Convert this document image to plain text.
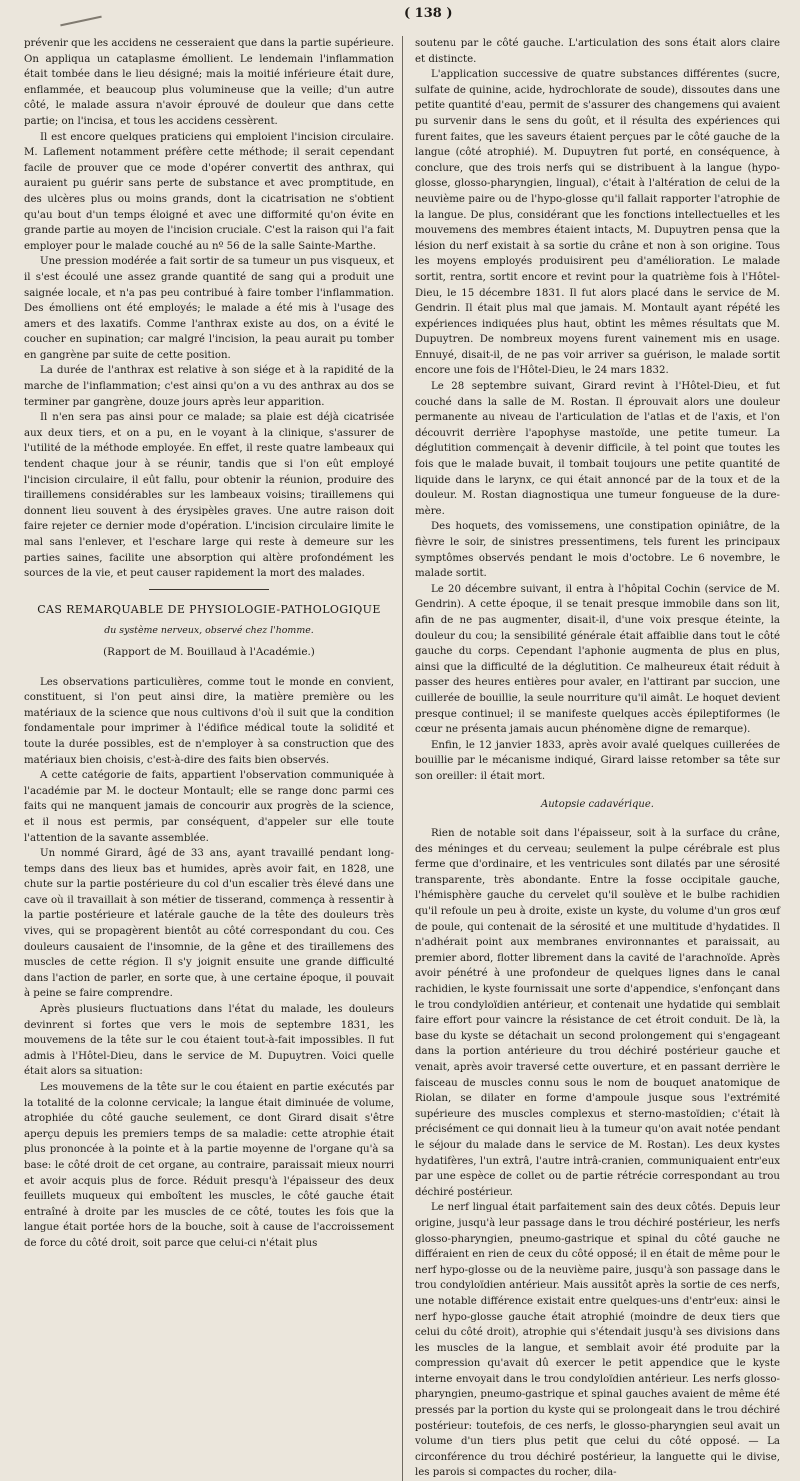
( 138 )

prévenir que les accidens ne cesseraient que dans la partie supérieure. On appliqua un cataplasme émollient. Le lendemain l'inflammation était tombée dans le lieu désigné; mais la moitié inférieure était dure, enflammée, et beaucoup plus volumineuse que la veille; d'un autre côté, le malade assura n'avoir éprouvé de douleur que dans cette partie; on l'incisa, et tous les accidens cessèrent.

Il est encore quelques praticiens qui emploient l'incision circulaire. M. Laflement notamment préfère cette méthode; il serait cependant facile de prouver que ce mode d'opérer convertit des anthrax, qui auraient pu guérir sans perte de substance et avec promptitude, en des ulcères plus ou moins grands, dont la cicatrisation ne s'obtient qu'au bout d'un temps éloigné et avec une difformité qu'on évite en grande partie au moyen de l'incision cruciale. C'est la raison qui l'a fait employer pour le malade couché au nº 56 de la salle Sainte-Marthe.

Une pression modérée a fait sortir de sa tumeur un pus visqueux, et il s'est écoulé une assez grande quantité de sang qui a produit une saignée locale, et n'a pas peu contribué à faire tomber l'inflammation. Des émolliens ont été employés; le malade a été mis à l'usage des amers et des laxatifs. Comme l'anthrax existe au dos, on a évité le coucher en supination; car malgré l'incision, la peau aurait pu tomber en gangrène par suite de cette position.

La durée de l'anthrax est relative à son siége et à la rapidité de la marche de l'inflammation; c'est ainsi qu'on a vu des anthrax au dos se terminer par gangrène, douze jours après leur apparition.

Il n'en sera pas ainsi pour ce malade; sa plaie est déjà cicatrisée aux deux tiers, et on a pu, en le voyant à la clinique, s'assurer de l'utilité de la méthode employée. En effet, il reste quatre lambeaux qui tendent chaque jour à se réunir, tandis que si l'on eût employé l'incision circulaire, il eût fallu, pour obtenir la réunion, produire des tiraillemens considérables sur les lambeaux voisins; tiraillemens qui donnent lieu souvent à des érysipèles graves. Une autre raison doit faire rejeter ce dernier mode d'opération. L'incision circulaire limite le mal sans l'enlever, et l'eschare large qui reste à demeure sur les parties saines, facilite une absorption qui altère profondément les sources de la vie, et peut causer rapidement la mort des malades.

CAS REMARQUABLE DE PHYSIOLOGIE-PATHOLOGIQUE

du système nerveux, observé chez l'homme.

(Rapport de M. Bouillaud à l'Académie.)

Les observations particulières, comme tout le monde en convient, constituent, si l'on peut ainsi dire, la matière première ou les matériaux de la science que nous cultivons d'où il suit que la condition fondamentale pour imprimer à l'édifice médical toute la solidité et toute la durée possibles, est de n'employer à sa construction que des matériaux bien choisis, c'est-à-dire des faits bien observés.

A cette catégorie de faits, appartient l'observation communiquée à l'académie par M. le docteur Montault; elle se range donc parmi ces faits qui ne manquent jamais de concourir aux progrès de la science, et il nous est permis, par conséquent, d'appeler sur elle toute l'attention de la savante assemblée.

Un nommé Girard, âgé de 33 ans, ayant travaillé pendant long-temps dans des lieux bas et humides, après avoir fait, en 1828, une chute sur la partie postérieure du col d'un escalier très élevé dans une cave où il travaillait à son métier de tisserand, commença à ressentir à la partie postérieure et latérale gauche de la tête des douleurs très vives, qui se propagèrent bientôt au côté correspondant du cou. Ces douleurs causaient de l'insomnie, de la gêne et des tiraillemens des muscles de cette région. Il s'y joignit ensuite une grande difficulté dans l'action de parler, en sorte que, à une certaine époque, il pouvait à peine se faire comprendre.

Après plusieurs fluctuations dans l'état du malade, les douleurs devinrent si fortes que vers le mois de septembre 1831, les mouvemens de la tête sur le cou étaient tout-à-fait impossibles. Il fut admis à l'Hôtel-Dieu, dans le service de M. Dupuytren. Voici quelle était alors sa situation:

Les mouvemens de la tête sur le cou étaient en partie exécutés par la totalité de la colonne cervicale; la langue était diminuée de volume, atrophiée du côté gauche seulement, ce dont Girard disait s'être aperçu depuis les premiers temps de sa maladie: cette atrophie était plus prononcée à la pointe et à la partie moyenne de l'organe qu'à sa base: le côté droit de cet organe, au contraire, paraissait mieux nourri et avoir acquis plus de force. Réduit presqu'à l'épaisseur des deux feuillets muqueux qui emboîtent les muscles, le côté gauche était entraîné à droite par les muscles de ce côté, toutes les fois que la langue était portée hors de la bouche, soit à cause de l'accroissement de force du côté droit, soit parce que celui-ci n'était plus

soutenu par le côté gauche. L'articulation des sons était alors claire et distincte.

L'application successive de quatre substances différentes (sucre, sulfate de quinine, acide, hydrochlorate de soude), dissoutes dans une petite quantité d'eau, permit de s'assurer des changemens qui avaient pu survenir dans le sens du goût, et il résulta des expériences qui furent faites, que les saveurs étaient perçues par le côté gauche de la langue (côté atrophié). M. Dupuytren fut porté, en conséquence, à conclure, que des trois nerfs qui se distribuent à la langue (hypo-glosse, glosso-pharyngien, lingual), c'était à l'altération de celui de la neuvième paire ou de l'hypo-glosse qu'il fallait rapporter l'atrophie de la langue. De plus, considérant que les fonctions intellectuelles et les mouvemens des membres étaient intacts, M. Dupuytren pensa que la lésion du nerf existait à sa sortie du crâne et non à son origine. Tous les moyens employés produisirent peu d'amélioration. Le malade sortit, rentra, sortit encore et revint pour la quatrième fois à l'Hôtel-Dieu, le 15 décembre 1831. Il fut alors placé dans le service de M. Gendrin. Il était plus mal que jamais. M. Montault ayant répété les expériences indiquées plus haut, obtint les mêmes résultats que M. Dupuytren. De nombreux moyens furent vainement mis en usage. Ennuyé, disait-il, de ne pas voir arriver sa guérison, le malade sortit encore une fois de l'Hôtel-Dieu, le 24 mars 1832.

Le 28 septembre suivant, Girard revint à l'Hôtel-Dieu, et fut couché dans la salle de M. Rostan. Il éprouvait alors une douleur permanente au niveau de l'articulation de l'atlas et de l'axis, et l'on découvrit derrière l'apophyse mastoïde, une petite tumeur. La déglutition commençait à devenir difficile, à tel point que toutes les fois que le malade buvait, il tombait toujours une petite quantité de liquide dans le larynx, ce qui était annoncé par de la toux et de la douleur. M. Rostan diagnostiqua une tumeur fongueuse de la dure-mère.

Des hoquets, des vomissemens, une constipation opiniâtre, de la fièvre le soir, de sinistres pressentimens, tels furent les principaux symptômes observés pendant le mois d'octobre. Le 6 novembre, le malade sortit.

Le 20 décembre suivant, il entra à l'hôpital Cochin (service de M. Gendrin). A cette époque, il se tenait presque immobile dans son lit, afin de ne pas augmenter, disait-il, d'une voix presque éteinte, la douleur du cou; la sensibilité générale était affaiblie dans tout le côté gauche du corps. Cependant l'aphonie augmenta de plus en plus, ainsi que la difficulté de la déglutition. Ce malheureux était réduit à passer des heures entières pour avaler, en l'attirant par succion, une cuillerée de bouillie, la seule nourriture qu'il aimât. Le hoquet devient presque continuel; il se manifeste quelques accès épileptiformes (le cœur ne présenta jamais aucun phénomène digne de remarque).

Enfin, le 12 janvier 1833, après avoir avalé quelques cuillerées de bouillie par le mécanisme indiqué, Girard laisse retomber sa tête sur son oreiller: il était mort.

Autopsie cadavérique.

Rien de notable soit dans l'épaisseur, soit à la surface du crâne, des méninges et du cerveau; seulement la pulpe cérébrale est plus ferme que d'ordinaire, et les ventricules sont dilatés par une sérosité transparente, très abondante. Entre la fosse occipitale gauche, l'hémisphère gauche du cervelet qu'il soulève et le bulbe rachidien qu'il refoule un peu à droite, existe un kyste, du volume d'un gros œuf de poule, qui contenait de la sérosité et une multitude d'hydatides. Il n'adhérait point aux membranes environnantes et paraissait, au premier abord, flotter librement dans la cavité de l'arachnoïde. Après avoir pénétré à une profondeur de quelques lignes dans le canal rachidien, le kyste fournissait une sorte d'appendice, s'enfonçant dans le trou condyloïdien antérieur, et contenait une hydatide qui semblait faire effort pour vaincre la résistance de cet étroit conduit. De là, la base du kyste se détachait un second prolongement qui s'engageant dans la portion antérieure du trou déchiré postérieur gauche et venait, après avoir traversé cette ouverture, et en passant derrière le faisceau de muscles connu sous le nom de bouquet anatomique de Riolan, se dilater en forme d'ampoule jusque sous l'extrémité supérieure des muscles complexus et sterno-mastoïdien; c'était là précisément ce qui donnait lieu à la tumeur qu'on avait notée pendant le séjour du malade dans le service de M. Rostan). Les deux kystes hydatifères, l'un extrâ, l'autre intrâ-cranien, communiquaient entr'eux par une espèce de collet ou de partie rétrécie correspondant au trou déchiré postérieur.

Le nerf lingual était parfaitement sain des deux côtés. Depuis leur origine, jusqu'à leur passage dans le trou déchiré postérieur, les nerfs glosso-pharyngien, pneumo-gastrique et spinal du côté gauche ne différaient en rien de ceux du côté opposé; il en était de même pour le nerf hypo-glosse ou de la neuvième paire, jusqu'à son passage dans le trou condyloïdien antérieur. Mais aussitôt après la sortie de ces nerfs, une notable différence existait entre quelques-uns d'entr'eux: ainsi le nerf hypo-glosse gauche était atrophié (moindre de deux tiers que celui du côté droit), atrophie qui s'étendait jusqu'à ses divisions dans les muscles de la langue, et semblait avoir été produite par la compression qu'avait dû exercer le petit appendice que le kyste interne envoyait dans le trou condyloïdien antérieur. Les nerfs glosso-pharyngien, pneumo-gastrique et spinal gauches avaient de même été pressés par la portion du kyste qui se prolongeait dans le trou déchiré postérieur: toutefois, de ces nerfs, le glosso-pharyngien seul avait un volume d'un tiers plus petit que celui du côté opposé. — La circonférence du trou déchiré postérieur, la languette qui le divise, les parois si compactes du rocher, dila-
